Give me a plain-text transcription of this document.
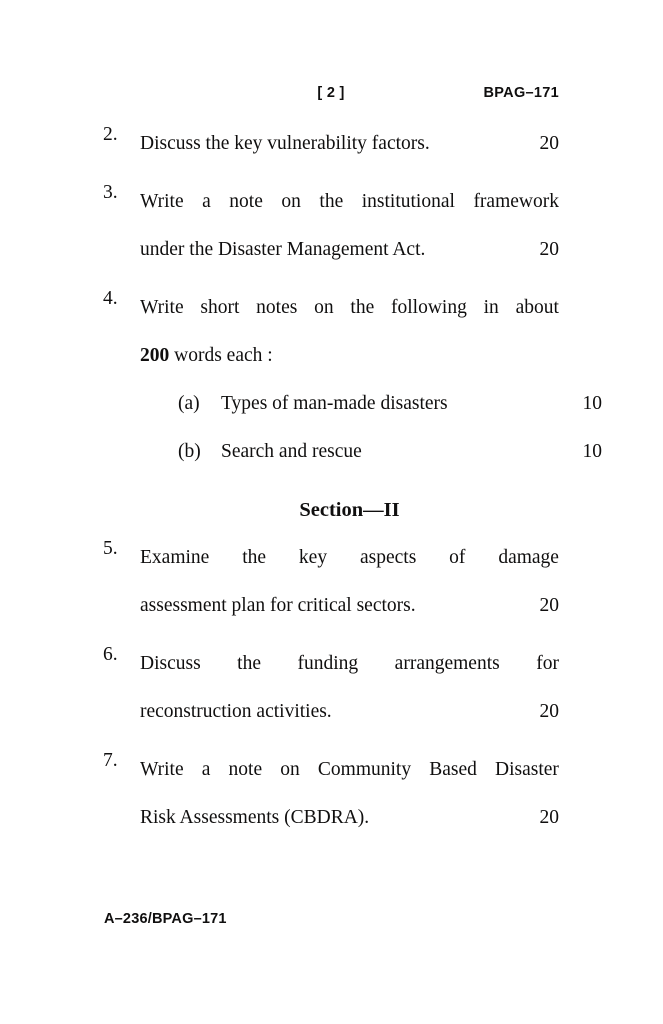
[ 2 ]	BPAG–171
2.	Discuss the key vulnerability factors.	20
3.	Write a note on the institutional framework
under the Disaster Management Act.	20
4.	Write short notes on the following in about
200 words each :
(a) Types of man-made disasters	10
(b) Search and rescue	10
Section—II
5.	Examine the key aspects of damage
assessment plan for critical sectors.	20
6.	Discuss the funding arrangements for
reconstruction activities.	20
7.	Write a note on Community Based Disaster
Risk Assessments (CBDRA).	20
A–236/BPAG–171
